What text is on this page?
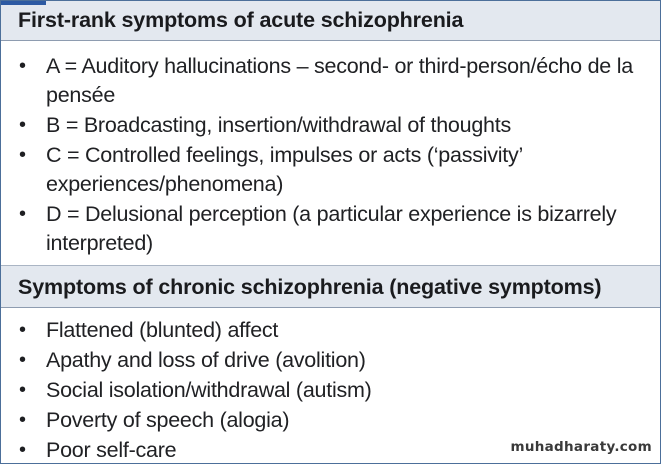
First-rank symptoms of acute schizophrenia
• A = Auditory hallucinations – second- or third-person/écho de la pensée
• B = Broadcasting, insertion/withdrawal of thoughts
• C = Controlled feelings, impulses or acts (‘passivity’ experiences/phenomena)
• D = Delusional perception (a particular experience is bizarrely interpreted)
Symptoms of chronic schizophrenia (negative symptoms)
• Flattened (blunted) affect
• Apathy and loss of drive (avolition)
• Social isolation/withdrawal (autism)
• Poverty of speech (alogia)
• Poor self-care	muhadharaty.com
